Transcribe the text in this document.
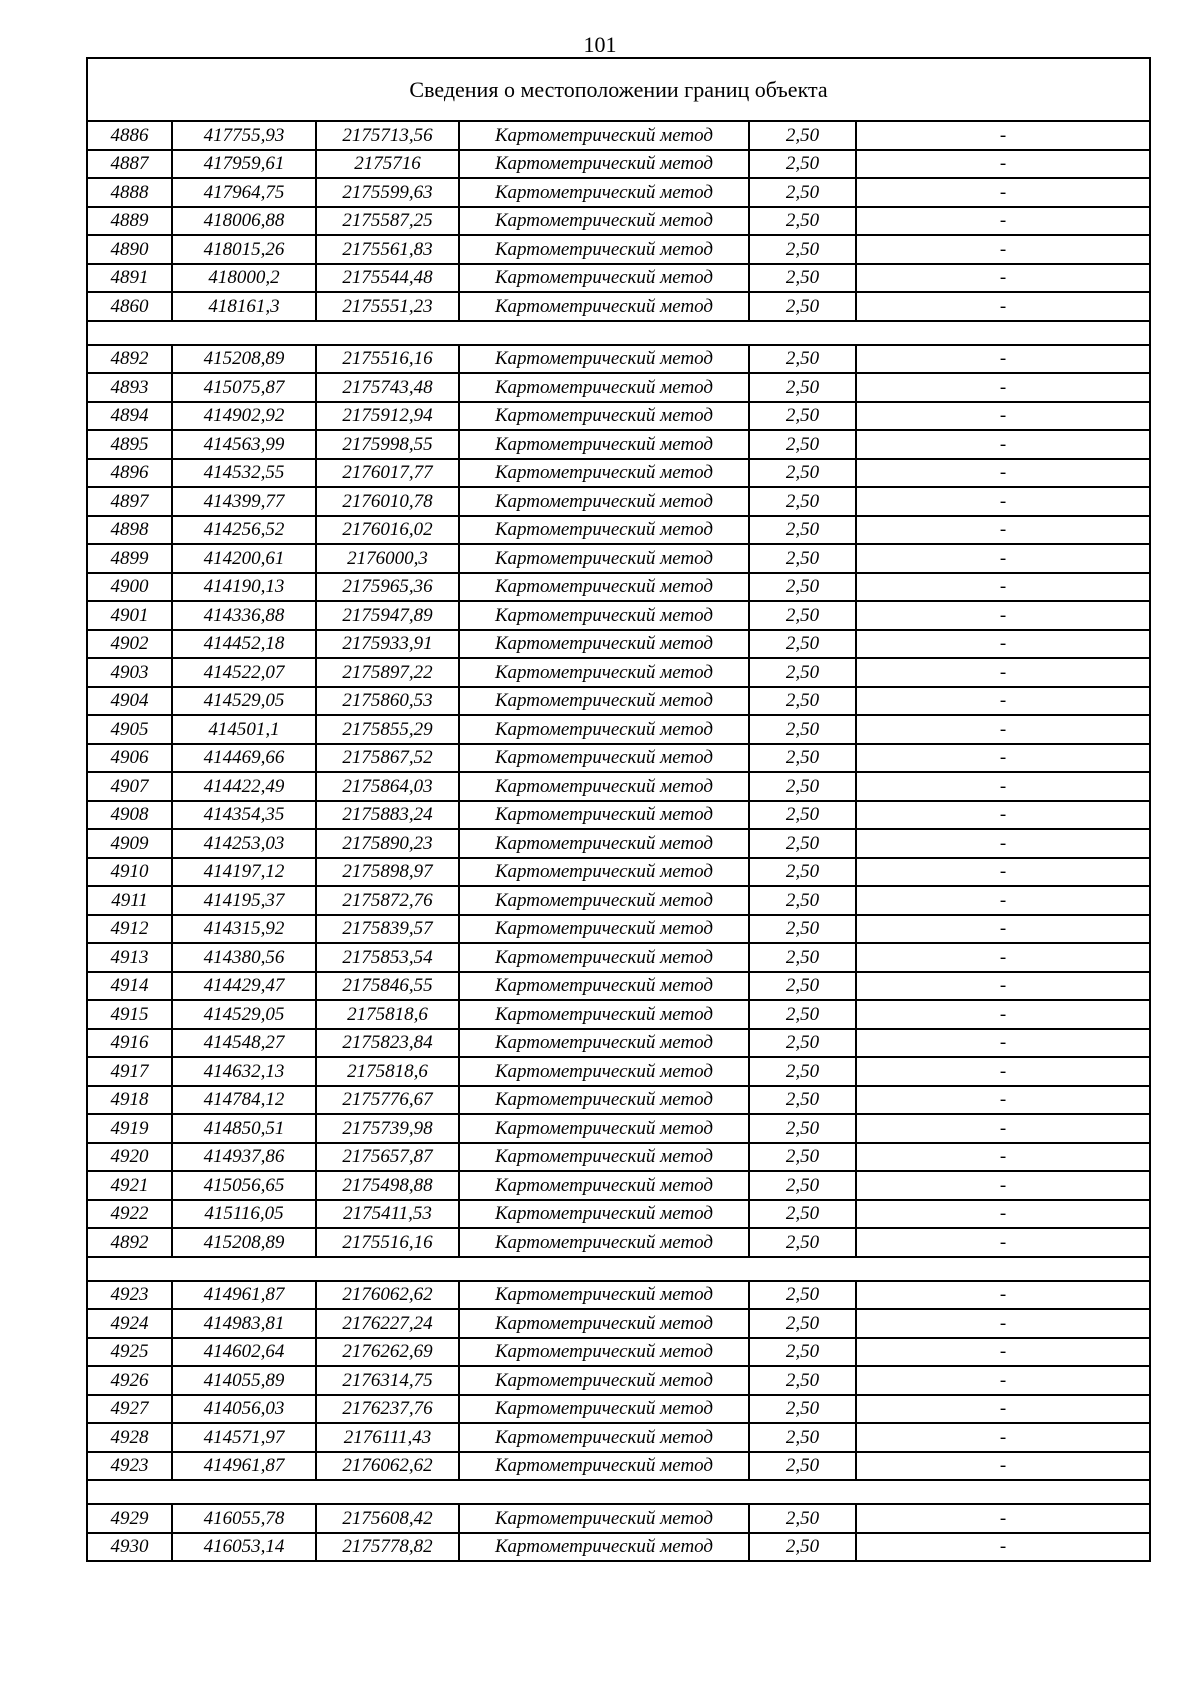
101
Сведения о местоположении границ объекта					
4886	417755,93	2175713,56	Картометрический метод	2,50	-
4887	417959,61	2175716	Картометрический метод	2,50	-
4888	417964,75	2175599,63	Картометрический метод	2,50	-
4889	418006,88	2175587,25	Картометрический метод	2,50	-
4890	418015,26	2175561,83	Картометрический метод	2,50	-
4891	418000,2	2175544,48	Картометрический метод	2,50	-
4860	418161,3	2175551,23	Картометрический метод	2,50	-

4892	415208,89	2175516,16	Картометрический метод	2,50	-
4893	415075,87	2175743,48	Картометрический метод	2,50	-
4894	414902,92	2175912,94	Картометрический метод	2,50	-
4895	414563,99	2175998,55	Картометрический метод	2,50	-
4896	414532,55	2176017,77	Картометрический метод	2,50	-
4897	414399,77	2176010,78	Картометрический метод	2,50	-
4898	414256,52	2176016,02	Картометрический метод	2,50	-
4899	414200,61	2176000,3	Картометрический метод	2,50	-
4900	414190,13	2175965,36	Картометрический метод	2,50	-
4901	414336,88	2175947,89	Картометрический метод	2,50	-
4902	414452,18	2175933,91	Картометрический метод	2,50	-
4903	414522,07	2175897,22	Картометрический метод	2,50	-
4904	414529,05	2175860,53	Картометрический метод	2,50	-
4905	414501,1	2175855,29	Картометрический метод	2,50	-
4906	414469,66	2175867,52	Картометрический метод	2,50	-
4907	414422,49	2175864,03	Картометрический метод	2,50	-
4908	414354,35	2175883,24	Картометрический метод	2,50	-
4909	414253,03	2175890,23	Картометрический метод	2,50	-
4910	414197,12	2175898,97	Картометрический метод	2,50	-
4911	414195,37	2175872,76	Картометрический метод	2,50	-
4912	414315,92	2175839,57	Картометрический метод	2,50	-
4913	414380,56	2175853,54	Картометрический метод	2,50	-
4914	414429,47	2175846,55	Картометрический метод	2,50	-
4915	414529,05	2175818,6	Картометрический метод	2,50	-
4916	414548,27	2175823,84	Картометрический метод	2,50	-
4917	414632,13	2175818,6	Картометрический метод	2,50	-
4918	414784,12	2175776,67	Картометрический метод	2,50	-
4919	414850,51	2175739,98	Картометрический метод	2,50	-
4920	414937,86	2175657,87	Картометрический метод	2,50	-
4921	415056,65	2175498,88	Картометрический метод	2,50	-
4922	415116,05	2175411,53	Картометрический метод	2,50	-
4892	415208,89	2175516,16	Картометрический метод	2,50	-

4923	414961,87	2176062,62	Картометрический метод	2,50	-
4924	414983,81	2176227,24	Картометрический метод	2,50	-
4925	414602,64	2176262,69	Картометрический метод	2,50	-
4926	414055,89	2176314,75	Картометрический метод	2,50	-
4927	414056,03	2176237,76	Картометрический метод	2,50	-
4928	414571,97	2176111,43	Картометрический метод	2,50	-
4923	414961,87	2176062,62	Картометрический метод	2,50	-

4929	416055,78	2175608,42	Картометрический метод	2,50	-
4930	416053,14	2175778,82	Картометрический метод	2,50	-
